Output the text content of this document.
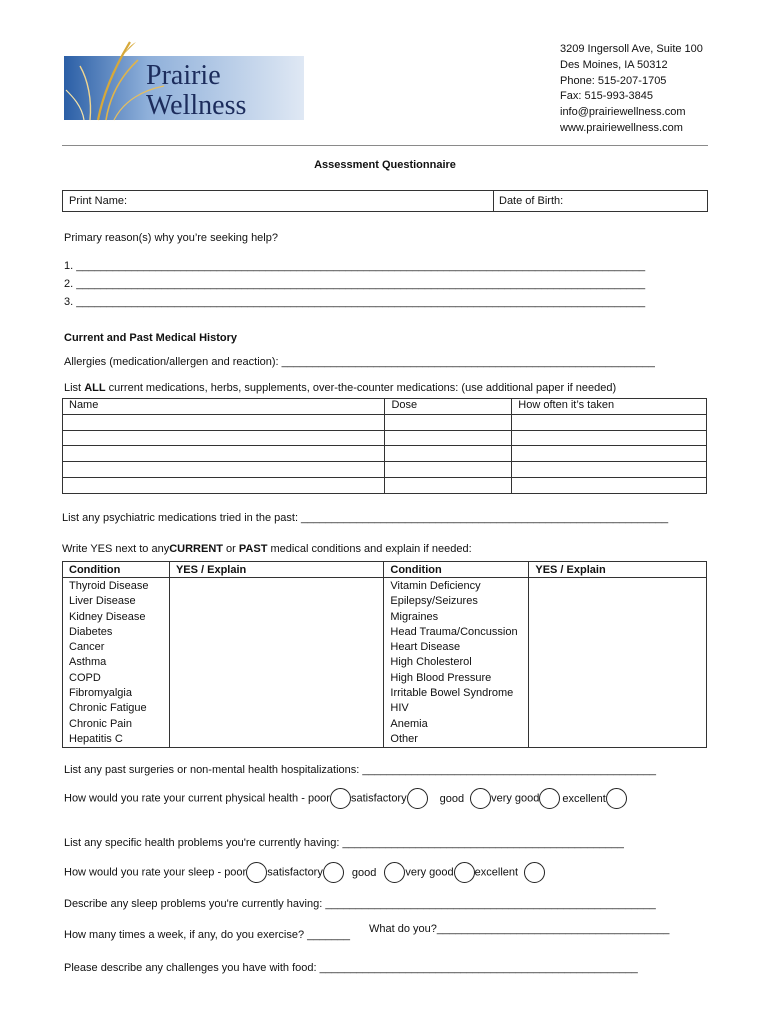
Prairie
Wellness
3209 Ingersoll Ave, Suite 100
Des Moines, IA 50312
Phone: 515-207-1705
Fax: 515-993-3845
info@prairiewellness.com
www.prairiewellness.com
Assessment Questionnaire
Print Name:	Date of Birth:
Primary reason(s) why you’re seeking help?
1. _____________________________________________________________________________________________
2. _____________________________________________________________________________________________
3. _____________________________________________________________________________________________
Current and Past Medical History
Allergies (medication/allergen and reaction): _____________________________________________________________
List ALL current medications, herbs, supplements, over-the-counter medications: (use additional paper if needed)
Name	Dose	How often it’s taken

List any psychiatric medications tried in the past: ____________________________________________________________
Write YES next to anyCURRENT or PAST medical conditions and explain if needed:
Condition	YES / Explain	Condition	YES / Explain
Thyroid Disease		Vitamin Deficiency	
Liver Disease		Epilepsy/Seizures	
Kidney Disease		Migraines	
Diabetes		Head Trauma/Concussion	
Cancer		Heart Disease	
Asthma		High Cholesterol	
COPD		High Blood Pressure	
Fibromyalgia		Irritable Bowel Syndrome	
Chronic Fatigue		HIV	
Chronic Pain		Anemia	
Hepatitis C		Other	
List any past surgeries or non-mental health hospitalizations: ________________________________________________
How would you rate your current physical health - poor satisfactory	good very good excellent
List any specific health problems you're currently having: ______________________________________________
How would you rate your sleep - poor satisfactory	good	very good excellent
Describe any sleep problems you're currently having: ______________________________________________________
How many times a week, if any, do you exercise? _______	What do you?______________________________________
Please describe any challenges you have with food: ____________________________________________________
